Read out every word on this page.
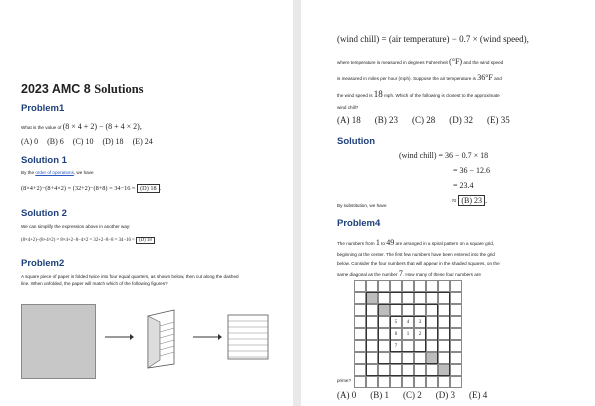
2023 AMC 8 Solutions
Problem1
What is the value of (8 × 4 + 2) − (8 + 4 × 2),
(A) 0 (B) 6 (C) 10 (D) 18 (E) 24
Solution 1
By the order of operations, we have
(8×4+2)−(8+4×2) = (32+2)−(8+8) = 34−16 = (D) 18 .
Solution 2
We can simplify the expression above in another way:
(8×4+2)−(8+4×2) = 8×4+2−8−4×2 = 32+2−8−8 = 34−16 = (D) 18
Problem2
A square piece of paper is folded twice into four equal quarters, as shown below, then cut along the dashed line. When unfolded, the paper will match which of the following figures?
(wind chill) = (air temperature) − 0.7 × (wind speed),
where temperature is measured in degrees Fahrenheit (°F) and the wind speed
is measured in miles per hour (mph). Suppose the air temperature is 36°F and
the wind speed is 18 mph. Which of the following is closest to the approximate
wind chill?
(A) 18 (B) 23 (C) 28 (D) 32 (E) 35
Solution
(wind chill) = 36 − 0.7 × 18
= 36 − 12.6
= 23.4
≈ (B) 23 .
By substitution, we have
Problem4
The numbers from 1 to 49 are arranged in a spiral pattern on a square grid,
beginning at the center. The first few numbers have been entered into the grid
below. Consider the four numbers that will appear in the shaded squares, on the
same diagonal as the number 7. How many of these four numbers are
7
2
1
6
3
4
5
prime?
(A) 0 (B) 1 (C) 2 (D) 3 (E) 4
